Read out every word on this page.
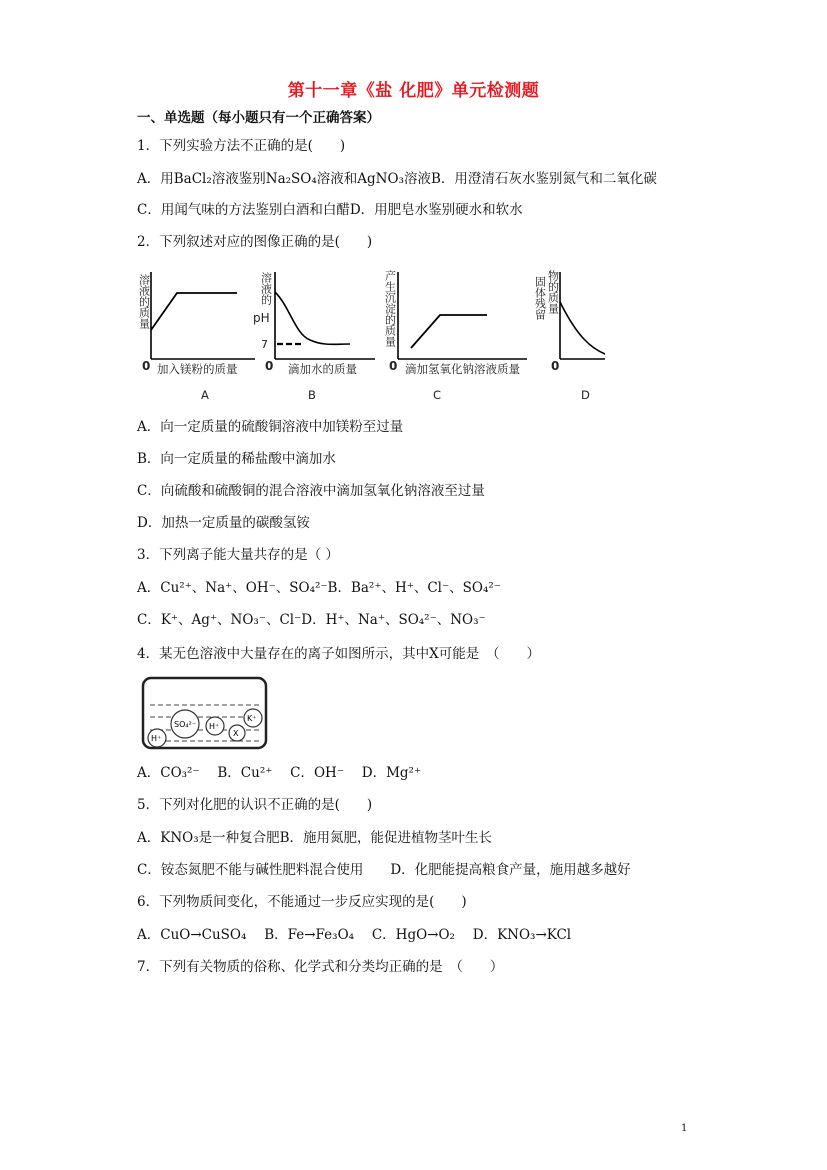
第十一章《盐 化肥》单元检测题
一、单选题（每小题只有一个正确答案）
1．下列实验方法不正确的是(　　)
A．用BaCl₂溶液鉴别Na₂SO₄溶液和AgNO₃溶液B．用澄清石灰水鉴别氮气和二氧化碳
C．用闻气味的方法鉴别白酒和白醋D．用肥皂水鉴别硬水和软水
2．下列叙述对应的图像正确的是(　　)
溶液的质量
0 加入镁粉的质量
A
溶液的
pH
7
0 滴加水的质量
B
产生沉淀的质量
0 滴加氢氧化钠溶液质量
C
物的质量
固体残留
0
D
A．向一定质量的硫酸铜溶液中加镁粉至过量
B．向一定质量的稀盐酸中滴加水
C．向硫酸和硫酸铜的混合溶液中滴加氢氧化钠溶液至过量
D．加热一定质量的碳酸氢铵
3．下列离子能大量共存的是（ ）
A．Cu²⁺、Na⁺、OH⁻、SO₄²⁻B．Ba²⁺、H⁺、Cl⁻、SO₄²⁻
C．K⁺、Ag⁺、NO₃⁻、Cl⁻D．H⁺、Na⁺、SO₄²⁻、NO₃⁻
4．某无色溶液中大量存在的离子如图所示，其中X可能是　（　　）
SO₄²⁻ H⁺
K⁺
H⁺
X
A．CO₃²⁻　 B．Cu²⁺　 C．OH⁻　 D．Mg²⁺
5．下列对化肥的认识不正确的是(　　)
A．KNO₃是一种复合肥B．施用氮肥，能促进植物茎叶生长
C．铵态氮肥不能与碱性肥料混合使用　　D．化肥能提高粮食产量，施用越多越好
6．下列物质间变化，不能通过一步反应实现的是(　　)
A．CuO→CuSO₄　 B．Fe→Fe₃O₄　 C．HgO→O₂　 D．KNO₃→KCl
7．下列有关物质的俗称、化学式和分类均正确的是　（　　）
1
